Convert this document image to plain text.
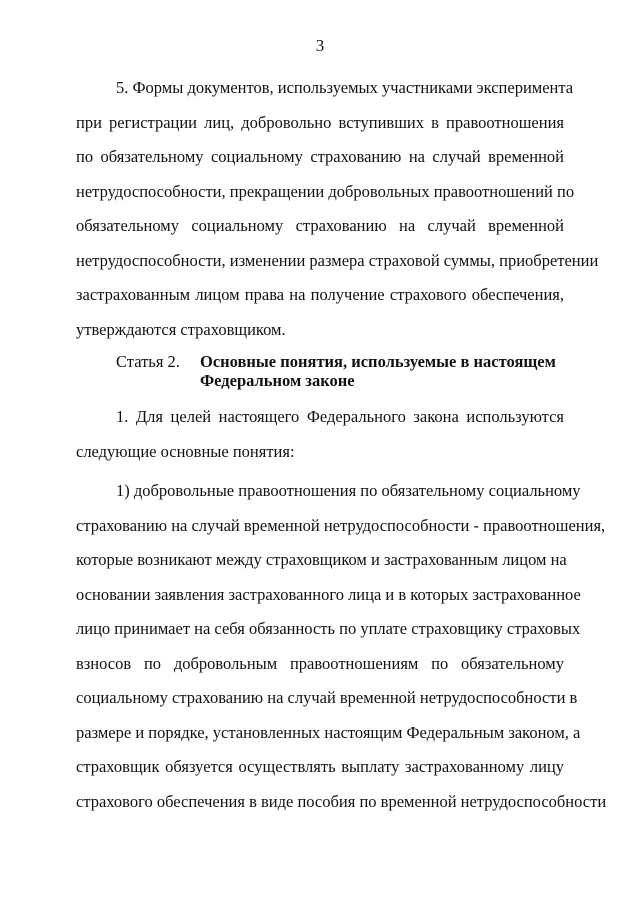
3
5. Формы документов, используемых участниками эксперимента
при регистрации лиц, добровольно вступивших в правоотношения
по обязательному социальному страхованию на случай временной
нетрудоспособности, прекращении добровольных правоотношений по
обязательному социальному страхованию на случай временной
нетрудоспособности, изменении размера страховой суммы, приобретении
застрахованным лицом права на получение страхового обеспечения,
утверждаются страховщиком.
Статья 2. Основные понятия, используемые в настоящем
Федеральном законе
1. Для целей настоящего Федерального закона используются
следующие основные понятия:
1) добровольные правоотношения по обязательному социальному
страхованию на случай временной нетрудоспособности - правоотношения,
которые возникают между страховщиком и застрахованным лицом на
основании заявления застрахованного лица и в которых застрахованное
лицо принимает на себя обязанность по уплате страховщику страховых
взносов по добровольным правоотношениям по обязательному
социальному страхованию на случай временной нетрудоспособности в
размере и порядке, установленных настоящим Федеральным законом, а
страховщик обязуется осуществлять выплату застрахованному лицу
страхового обеспечения в виде пособия по временной нетрудоспособности
